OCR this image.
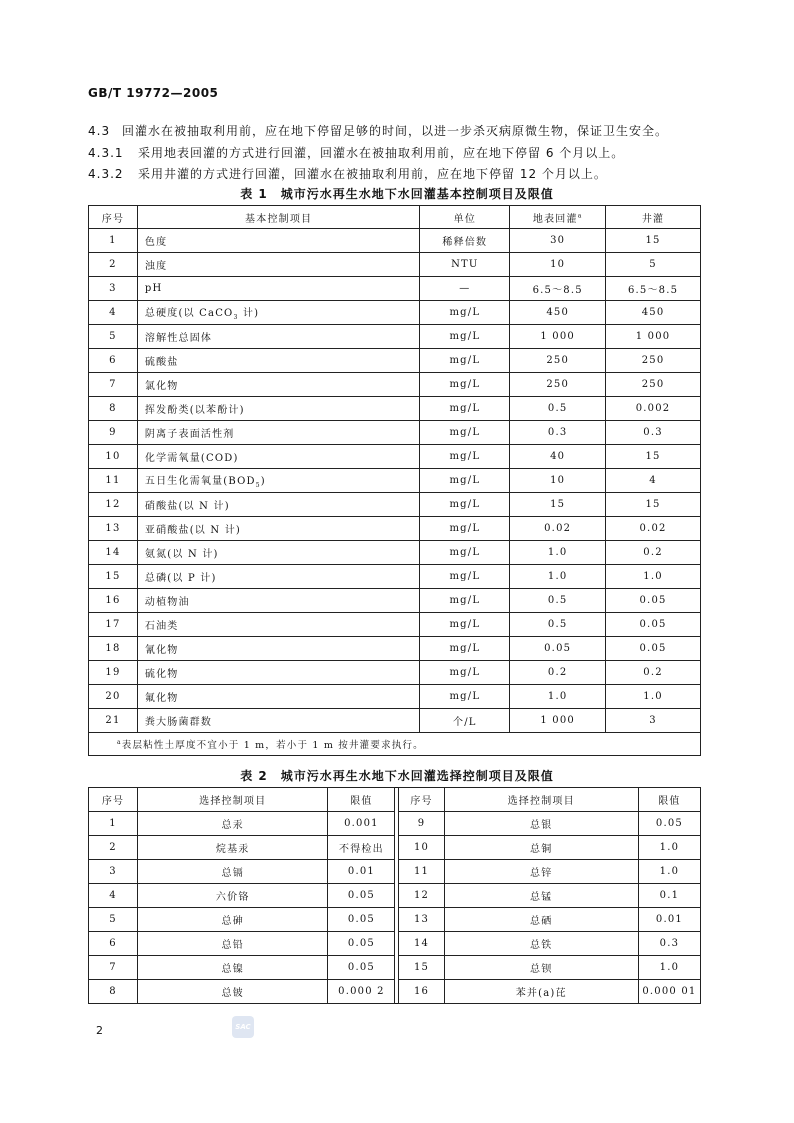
GB/T 19772—2005
4.3 回灌水在被抽取利用前，应在地下停留足够的时间，以进一步杀灭病原微生物，保证卫生安全。
4.3.1 采用地表回灌的方式进行回灌，回灌水在被抽取利用前，应在地下停留 6 个月以上。
4.3.2 采用井灌的方式进行回灌，回灌水在被抽取利用前，应在地下停留 12 个月以上。
表 1　城市污水再生水地下水回灌基本控制项目及限值
序号	基本控制项目	单位	地表回灌$^a$	井灌
1	色度	稀释倍数	30	15
2	浊度	NTU	10	5
3	pH	—	6.5～8.5	6.5～8.5
4	总硬度(以 CaCO$_3$ 计)	mg/L	450	450
5	溶解性总固体	mg/L	1 000	1 000
6	硫酸盐	mg/L	250	250
7	氯化物	mg/L	250	250
8	挥发酚类(以苯酚计)	mg/L	0.5	0.002
9	阴离子表面活性剂	mg/L	0.3	0.3
10	化学需氧量(COD)	mg/L	40	15
11	五日生化需氧量$(BOD_5)$	mg/L	10	4
12	硝酸盐(以 N 计)	mg/L	15	15
13	亚硝酸盐(以 N 计)	mg/L	0.02	0.02
14	氨氮(以 N 计)	mg/L	1.0	0.2
15	总磷(以 P 计)	mg/L	1.0	1.0
16	动植物油	mg/L	0.5	0.05
17	石油类	mg/L	0.5	0.05
18	氰化物	mg/L	0.05	0.05
19	硫化物	mg/L	0.2	0.2
20	氟化物	mg/L	1.0	1.0
21	粪大肠菌群数	个/L	1 000	3
$^a$表层粘性土厚度不宜小于 1 m，若小于 1 m 按井灌要求执行。				
表 2　城市污水再生水地下水回灌选择控制项目及限值
序号	选择控制项目	限值		序号	选择控制项目	限值
1	总汞	0.001		9	总银	0.05
2	烷基汞	不得检出		10	总铜	1.0
3	总镉	0.01		11	总锌	1.0
4	六价铬	0.05		12	总锰	0.1
5	总砷	0.05		13	总硒	0.01
6	总铅	0.05		14	总铁	0.3
7	总镍	0.05		15	总钡	1.0
8	总铍	0.000 2		16	苯并(a)芘	0.000 01
2	SAC
